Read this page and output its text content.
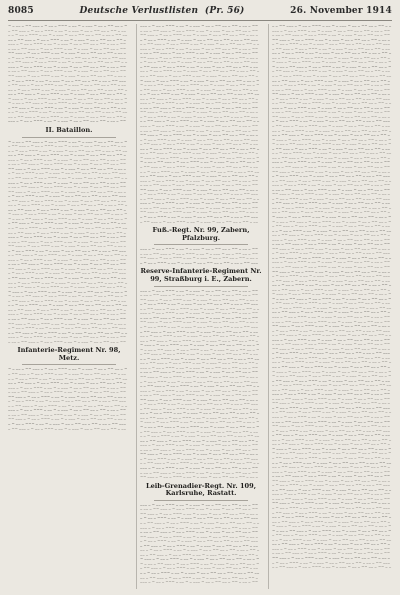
8085	Deutsche Verlustlisten (Pr. 56)	26. November 1914
− ‒ ‒‒ ‒ −− ‒‒‒ ‒ − ‒‒ ‒ −−− ‒ ‒‒ − ‒ ‒‒‒ − ‒‒ ‒ −− ‒‒ ‒ −
‒ −− ‒‒‒ ‒ − ‒‒ ‒ −−− ‒ ‒‒ − ‒ ‒‒‒ − ‒‒ ‒ −− ‒‒ ‒ −− ‒ ‒‒
‒ ‒ − ‒‒ ‒ −−− ‒ ‒‒ − ‒ ‒‒‒ − ‒‒ ‒ −− ‒‒ ‒ −− ‒ ‒‒ ‒ −− ‒‒
‒‒ ‒ −− ‒‒‒ ‒ − ‒‒ ‒ −−− ‒ ‒‒ − ‒ ‒‒‒ − ‒‒ ‒ −− ‒‒ ‒ −− ‒
‒‒‒ ‒ − ‒‒ ‒ −−− ‒ ‒‒ − ‒ ‒‒‒ − ‒‒ ‒ −− ‒‒ ‒ −− ‒ ‒‒ ‒ −−
‒ ‒‒ ‒ −− ‒‒‒ ‒ − ‒‒ ‒ −−− ‒ ‒‒ − ‒ ‒‒‒ − ‒‒ ‒ −− ‒‒ ‒ −−
−− ‒‒‒ ‒ − ‒‒ ‒ −−− ‒ ‒‒ − ‒ ‒‒‒ − ‒‒ ‒ −− ‒‒ ‒ −− ‒ ‒‒ ‒
‒ − ‒‒ ‒ −−− ‒ ‒‒ − ‒ ‒‒‒ − ‒‒ ‒ −− ‒‒ ‒ −− ‒ ‒‒ ‒ −− ‒‒‒
‒ ‒ −− ‒‒‒ ‒ − ‒‒ ‒ −−− ‒ ‒‒ − ‒ ‒‒‒ − ‒‒ ‒ −− ‒‒ ‒ −− ‒ ‒
‒‒‒ ‒ − ‒‒ ‒ −−− ‒ ‒‒ − ‒ ‒‒‒ − ‒‒ ‒ −− ‒‒ ‒ −− ‒ ‒‒ ‒ −−
‒ ‒‒ ‒ −− ‒‒‒ ‒ − ‒‒ ‒ −−− ‒ ‒‒ − ‒ ‒‒‒ − ‒‒ ‒ −− ‒‒ ‒ −−
−− ‒‒‒ ‒ − ‒‒ ‒ −−− ‒ ‒‒ − ‒ ‒‒‒ − ‒‒ ‒ −− ‒‒ ‒ −− ‒ ‒‒ ‒
‒ − ‒‒ ‒ −−− ‒ ‒‒ − ‒ ‒‒‒ − ‒‒ ‒ −− ‒‒ ‒ −− ‒ ‒‒ ‒ −− ‒‒‒
‒ −− ‒‒‒ ‒ − ‒‒ ‒ −−− ‒ ‒‒ − ‒ ‒‒‒ − ‒‒ ‒ −− ‒‒ ‒ −− ‒ ‒‒
‒‒ ‒ − ‒‒ ‒ −−− ‒ ‒‒ − ‒ ‒‒‒ − ‒‒ ‒ −− ‒‒ ‒ −− ‒ ‒‒ ‒ −− ‒
‒‒ ‒ −− ‒‒‒ ‒ − ‒‒ ‒ −−− ‒ ‒‒ − ‒ ‒‒‒ − ‒‒ ‒ −− ‒‒ ‒ −− ‒
− ‒‒‒ ‒ − ‒‒ ‒ −−− ‒ ‒‒ − ‒ ‒‒‒ − ‒‒ ‒ −− ‒‒ ‒ −− ‒ ‒‒ ‒ −
− ‒ ‒‒ ‒ −− ‒‒‒ ‒ − ‒‒ ‒ −−− ‒ ‒‒ − ‒ ‒‒‒ − ‒‒ ‒ −− ‒‒ ‒ −
‒ −− ‒‒‒ ‒ − ‒‒ ‒ −−− ‒ ‒‒ − ‒ ‒‒‒ − ‒‒ ‒ −− ‒‒ ‒ −− ‒ ‒‒
‒ ‒ − ‒‒ ‒ −−− ‒ ‒‒ − ‒ ‒‒‒ − ‒‒ ‒ −− ‒‒ ‒ −− ‒ ‒‒ ‒ −− ‒‒
‒‒ ‒ −− ‒‒‒ ‒ − ‒‒ ‒ −−− ‒ ‒‒ − ‒ ‒‒‒ − ‒‒ ‒ −− ‒‒ ‒ −− ‒
‒‒‒ ‒ − ‒‒ ‒ −−− ‒ ‒‒ − ‒ ‒‒‒ − ‒‒ ‒ −− ‒‒ ‒ −− ‒ ‒‒ ‒ −−
II. Bataillon.
− ‒ ‒‒ ‒ −− ‒‒‒ ‒ − ‒‒ ‒ −−− ‒ ‒‒ − ‒ ‒‒‒ − ‒‒ ‒ −− ‒‒ ‒ −
‒ −− ‒‒‒ ‒ − ‒‒ ‒ −−− ‒ ‒‒ − ‒ ‒‒‒ − ‒‒ ‒ −− ‒‒ ‒ −− ‒ ‒‒
‒ ‒ − ‒‒ ‒ −−− ‒ ‒‒ − ‒ ‒‒‒ − ‒‒ ‒ −− ‒‒ ‒ −− ‒ ‒‒ ‒ −− ‒‒
‒‒ ‒ −− ‒‒‒ ‒ − ‒‒ ‒ −−− ‒ ‒‒ − ‒ ‒‒‒ − ‒‒ ‒ −− ‒‒ ‒ −− ‒
‒‒‒ ‒ − ‒‒ ‒ −−− ‒ ‒‒ − ‒ ‒‒‒ − ‒‒ ‒ −− ‒‒ ‒ −− ‒ ‒‒ ‒ −−
‒ ‒‒ ‒ −− ‒‒‒ ‒ − ‒‒ ‒ −−− ‒ ‒‒ − ‒ ‒‒‒ − ‒‒ ‒ −− ‒‒ ‒ −−
−− ‒‒‒ ‒ − ‒‒ ‒ −−− ‒ ‒‒ − ‒ ‒‒‒ − ‒‒ ‒ −− ‒‒ ‒ −− ‒ ‒‒ ‒
‒ − ‒‒ ‒ −−− ‒ ‒‒ − ‒ ‒‒‒ − ‒‒ ‒ −− ‒‒ ‒ −− ‒ ‒‒ ‒ −− ‒‒‒
‒ ‒ −− ‒‒‒ ‒ − ‒‒ ‒ −−− ‒ ‒‒ − ‒ ‒‒‒ − ‒‒ ‒ −− ‒‒ ‒ −− ‒ ‒
‒‒‒ ‒ − ‒‒ ‒ −−− ‒ ‒‒ − ‒ ‒‒‒ − ‒‒ ‒ −− ‒‒ ‒ −− ‒ ‒‒ ‒ −−
‒ ‒‒ ‒ −− ‒‒‒ ‒ − ‒‒ ‒ −−− ‒ ‒‒ − ‒ ‒‒‒ − ‒‒ ‒ −− ‒‒ ‒ −−
−− ‒‒‒ ‒ − ‒‒ ‒ −−− ‒ ‒‒ − ‒ ‒‒‒ − ‒‒ ‒ −− ‒‒ ‒ −− ‒ ‒‒ ‒
‒ − ‒‒ ‒ −−− ‒ ‒‒ − ‒ ‒‒‒ − ‒‒ ‒ −− ‒‒ ‒ −− ‒ ‒‒ ‒ −− ‒‒‒
‒ −− ‒‒‒ ‒ − ‒‒ ‒ −−− ‒ ‒‒ − ‒ ‒‒‒ − ‒‒ ‒ −− ‒‒ ‒ −− ‒ ‒‒
‒‒ ‒ − ‒‒ ‒ −−− ‒ ‒‒ − ‒ ‒‒‒ − ‒‒ ‒ −− ‒‒ ‒ −− ‒ ‒‒ ‒ −− ‒
‒‒ ‒ −− ‒‒‒ ‒ − ‒‒ ‒ −−− ‒ ‒‒ − ‒ ‒‒‒ − ‒‒ ‒ −− ‒‒ ‒ −− ‒
− ‒‒‒ ‒ − ‒‒ ‒ −−− ‒ ‒‒ − ‒ ‒‒‒ − ‒‒ ‒ −− ‒‒ ‒ −− ‒ ‒‒ ‒ −
− ‒ ‒‒ ‒ −− ‒‒‒ ‒ − ‒‒ ‒ −−− ‒ ‒‒ − ‒ ‒‒‒ − ‒‒ ‒ −− ‒‒ ‒ −
‒ −− ‒‒‒ ‒ − ‒‒ ‒ −−− ‒ ‒‒ − ‒ ‒‒‒ − ‒‒ ‒ −− ‒‒ ‒ −− ‒ ‒‒
‒ ‒ − ‒‒ ‒ −−− ‒ ‒‒ − ‒ ‒‒‒ − ‒‒ ‒ −− ‒‒ ‒ −− ‒ ‒‒ ‒ −− ‒‒
‒‒ ‒ −− ‒‒‒ ‒ − ‒‒ ‒ −−− ‒ ‒‒ − ‒ ‒‒‒ − ‒‒ ‒ −− ‒‒ ‒ −− ‒
‒‒‒ ‒ − ‒‒ ‒ −−− ‒ ‒‒ − ‒ ‒‒‒ − ‒‒ ‒ −− ‒‒ ‒ −− ‒ ‒‒ ‒ −−
‒ ‒‒ ‒ −− ‒‒‒ ‒ − ‒‒ ‒ −−− ‒ ‒‒ − ‒ ‒‒‒ − ‒‒ ‒ −− ‒‒ ‒ −−
−− ‒‒‒ ‒ − ‒‒ ‒ −−− ‒ ‒‒ − ‒ ‒‒‒ − ‒‒ ‒ −− ‒‒ ‒ −− ‒ ‒‒ ‒
‒ − ‒‒ ‒ −−− ‒ ‒‒ − ‒ ‒‒‒ − ‒‒ ‒ −− ‒‒ ‒ −− ‒ ‒‒ ‒ −− ‒‒‒
‒ ‒ −− ‒‒‒ ‒ − ‒‒ ‒ −−− ‒ ‒‒ − ‒ ‒‒‒ − ‒‒ ‒ −− ‒‒ ‒ −− ‒ ‒
‒‒‒ ‒ − ‒‒ ‒ −−− ‒ ‒‒ − ‒ ‒‒‒ − ‒‒ ‒ −− ‒‒ ‒ −− ‒ ‒‒ ‒ −−
‒ ‒‒ ‒ −− ‒‒‒ ‒ − ‒‒ ‒ −−− ‒ ‒‒ − ‒ ‒‒‒ − ‒‒ ‒ −− ‒‒ ‒ −−
−− ‒‒‒ ‒ − ‒‒ ‒ −−− ‒ ‒‒ − ‒ ‒‒‒ − ‒‒ ‒ −− ‒‒ ‒ −− ‒ ‒‒ ‒
‒ − ‒‒ ‒ −−− ‒ ‒‒ − ‒ ‒‒‒ − ‒‒ ‒ −− ‒‒ ‒ −− ‒ ‒‒ ‒ −− ‒‒‒
‒ −− ‒‒‒ ‒ − ‒‒ ‒ −−− ‒ ‒‒ − ‒ ‒‒‒ − ‒‒ ‒ −− ‒‒ ‒ −− ‒ ‒‒
‒‒ ‒ − ‒‒ ‒ −−− ‒ ‒‒ − ‒ ‒‒‒ − ‒‒ ‒ −− ‒‒ ‒ −− ‒ ‒‒ ‒ −− ‒
‒‒ ‒ −− ‒‒‒ ‒ − ‒‒ ‒ −−− ‒ ‒‒ − ‒ ‒‒‒ − ‒‒ ‒ −− ‒‒ ‒ −− ‒
− ‒‒‒ ‒ − ‒‒ ‒ −−− ‒ ‒‒ − ‒ ‒‒‒ − ‒‒ ‒ −− ‒‒ ‒ −− ‒ ‒‒ ‒ −
− ‒ ‒‒ ‒ −− ‒‒‒ ‒ − ‒‒ ‒ −−− ‒ ‒‒ − ‒ ‒‒‒ − ‒‒ ‒ −− ‒‒ ‒ −
‒ −− ‒‒‒ ‒ − ‒‒ ‒ −−− ‒ ‒‒ − ‒ ‒‒‒ − ‒‒ ‒ −− ‒‒ ‒ −− ‒ ‒‒
‒ ‒ − ‒‒ ‒ −−− ‒ ‒‒ − ‒ ‒‒‒ − ‒‒ ‒ −− ‒‒ ‒ −− ‒ ‒‒ ‒ −− ‒‒
‒‒ ‒ −− ‒‒‒ ‒ − ‒‒ ‒ −−− ‒ ‒‒ − ‒ ‒‒‒ − ‒‒ ‒ −− ‒‒ ‒ −− ‒
‒‒‒ ‒ − ‒‒ ‒ −−− ‒ ‒‒ − ‒ ‒‒‒ − ‒‒ ‒ −− ‒‒ ‒ −− ‒ ‒‒ ‒ −−
‒ ‒‒ ‒ −− ‒‒‒ ‒ − ‒‒ ‒ −−− ‒ ‒‒ − ‒ ‒‒‒ − ‒‒ ‒ −− ‒‒ ‒ −−
−− ‒‒‒ ‒ − ‒‒ ‒ −−− ‒ ‒‒ − ‒ ‒‒‒ − ‒‒ ‒ −− ‒‒ ‒ −− ‒ ‒‒ ‒
‒ − ‒‒ ‒ −−− ‒ ‒‒ − ‒ ‒‒‒ − ‒‒ ‒ −− ‒‒ ‒ −− ‒ ‒‒ ‒ −− ‒‒‒
‒ ‒ −− ‒‒‒ ‒ − ‒‒ ‒ −−− ‒ ‒‒ − ‒ ‒‒‒ − ‒‒ ‒ −− ‒‒ ‒ −− ‒ ‒
‒‒‒ ‒ − ‒‒ ‒ −−− ‒ ‒‒ − ‒ ‒‒‒ − ‒‒ ‒ −− ‒‒ ‒ −− ‒ ‒‒ ‒ −−
‒ ‒‒ ‒ −− ‒‒‒ ‒ − ‒‒ ‒ −−− ‒ ‒‒ − ‒ ‒‒‒ − ‒‒ ‒ −− ‒‒ ‒ −−
Infanterie-Regiment Nr. 98, Metz.
− ‒ ‒‒ ‒ −− ‒‒‒ ‒ − ‒‒ ‒ −−− ‒ ‒‒ − ‒ ‒‒‒ − ‒‒ ‒ −− ‒‒ ‒ −
‒ −− ‒‒‒ ‒ − ‒‒ ‒ −−− ‒ ‒‒ − ‒ ‒‒‒ − ‒‒ ‒ −− ‒‒ ‒ −− ‒ ‒‒
‒ ‒ − ‒‒ ‒ −−− ‒ ‒‒ − ‒ ‒‒‒ − ‒‒ ‒ −− ‒‒ ‒ −− ‒ ‒‒ ‒ −− ‒‒
‒‒ ‒ −− ‒‒‒ ‒ − ‒‒ ‒ −−− ‒ ‒‒ − ‒ ‒‒‒ − ‒‒ ‒ −− ‒‒ ‒ −− ‒
‒‒‒ ‒ − ‒‒ ‒ −−− ‒ ‒‒ − ‒ ‒‒‒ − ‒‒ ‒ −− ‒‒ ‒ −− ‒ ‒‒ ‒ −−
‒ ‒‒ ‒ −− ‒‒‒ ‒ − ‒‒ ‒ −−− ‒ ‒‒ − ‒ ‒‒‒ − ‒‒ ‒ −− ‒‒ ‒ −−
−− ‒‒‒ ‒ − ‒‒ ‒ −−− ‒ ‒‒ − ‒ ‒‒‒ − ‒‒ ‒ −− ‒‒ ‒ −− ‒ ‒‒ ‒
‒ − ‒‒ ‒ −−− ‒ ‒‒ − ‒ ‒‒‒ − ‒‒ ‒ −− ‒‒ ‒ −− ‒ ‒‒ ‒ −− ‒‒‒
‒ ‒ −− ‒‒‒ ‒ − ‒‒ ‒ −−− ‒ ‒‒ − ‒ ‒‒‒ − ‒‒ ‒ −− ‒‒ ‒ −− ‒ ‒
‒‒‒ ‒ − ‒‒ ‒ −−− ‒ ‒‒ − ‒ ‒‒‒ − ‒‒ ‒ −− ‒‒ ‒ −− ‒ ‒‒ ‒ −−
‒ ‒‒ ‒ −− ‒‒‒ ‒ − ‒‒ ‒ −−− ‒ ‒‒ − ‒ ‒‒‒ − ‒‒ ‒ −− ‒‒ ‒ −−
−− ‒‒‒ ‒ − ‒‒ ‒ −−− ‒ ‒‒ − ‒ ‒‒‒ − ‒‒ ‒ −− ‒‒ ‒ −− ‒ ‒‒ ‒
‒ − ‒‒ ‒ −−− ‒ ‒‒ − ‒ ‒‒‒ − ‒‒ ‒ −− ‒‒ ‒ −− ‒ ‒‒ ‒ −− ‒‒‒
‒ −− ‒‒‒ ‒ − ‒‒ ‒ −−− ‒ ‒‒ − ‒ ‒‒‒ − ‒‒ ‒ −− ‒‒ ‒ −− ‒ ‒‒
‒‒‒ ‒ − ‒‒ ‒ −−− ‒ ‒‒ − ‒ ‒‒‒ − ‒‒ ‒ −− ‒‒ ‒ −− ‒ ‒‒ ‒ −−
‒ ‒‒ ‒ −− ‒‒‒ ‒ − ‒‒ ‒ −−− ‒ ‒‒ − ‒ ‒‒‒ − ‒‒ ‒ −− ‒‒ ‒ −−
−− ‒‒‒ ‒ − ‒‒ ‒ −−− ‒ ‒‒ − ‒ ‒‒‒ − ‒‒ ‒ −− ‒‒ ‒ −− ‒ ‒‒ ‒
‒ − ‒‒ ‒ −−− ‒ ‒‒ − ‒ ‒‒‒ − ‒‒ ‒ −− ‒‒ ‒ −− ‒ ‒‒ ‒ −− ‒‒‒
‒ ‒ −− ‒‒‒ ‒ − ‒‒ ‒ −−− ‒ ‒‒ − ‒ ‒‒‒ − ‒‒ ‒ −− ‒‒ ‒ −− ‒ ‒
‒‒‒ ‒ − ‒‒ ‒ −−− ‒ ‒‒ − ‒ ‒‒‒ − ‒‒ ‒ −− ‒‒ ‒ −− ‒ ‒‒ ‒ −−
‒ ‒‒ ‒ −− ‒‒‒ ‒ − ‒‒ ‒ −−− ‒ ‒‒ − ‒ ‒‒‒ − ‒‒ ‒ −− ‒‒ ‒ −−
−− ‒‒‒ ‒ − ‒‒ ‒ −−− ‒ ‒‒ − ‒ ‒‒‒ − ‒‒ ‒ −− ‒‒ ‒ −− ‒ ‒‒ ‒
‒ − ‒‒ ‒ −−− ‒ ‒‒ − ‒ ‒‒‒ − ‒‒ ‒ −− ‒‒ ‒ −− ‒ ‒‒ ‒ −− ‒‒‒
‒ −− ‒‒‒ ‒ − ‒‒ ‒ −−− ‒ ‒‒ − ‒ ‒‒‒ − ‒‒ ‒ −− ‒‒ ‒ −− ‒ ‒‒
‒‒ ‒ − ‒‒ ‒ −−− ‒ ‒‒ − ‒ ‒‒‒ − ‒‒ ‒ −− ‒‒ ‒ −− ‒ ‒‒ ‒ −− ‒
‒‒ ‒ −− ‒‒‒ ‒ − ‒‒ ‒ −−− ‒ ‒‒ − ‒ ‒‒‒ − ‒‒ ‒ −− ‒‒ ‒ −− ‒
− ‒‒‒ ‒ − ‒‒ ‒ −−− ‒ ‒‒ − ‒ ‒‒‒ − ‒‒ ‒ −− ‒‒ ‒ −− ‒ ‒‒ ‒ −
− ‒ ‒‒ ‒ −− ‒‒‒ ‒ − ‒‒ ‒ −−− ‒ ‒‒ − ‒ ‒‒‒ − ‒‒ ‒ −− ‒‒ ‒ −
‒ −− ‒‒‒ ‒ − ‒‒ ‒ −−− ‒ ‒‒ − ‒ ‒‒‒ − ‒‒ ‒ −− ‒‒ ‒ −− ‒ ‒‒
‒ ‒ − ‒‒ ‒ −−− ‒ ‒‒ − ‒ ‒‒‒ − ‒‒ ‒ −− ‒‒ ‒ −− ‒ ‒‒ ‒ −− ‒‒
‒‒ ‒ −− ‒‒‒ ‒ − ‒‒ ‒ −−− ‒ ‒‒ − ‒ ‒‒‒ − ‒‒ ‒ −− ‒‒ ‒ −− ‒
‒‒‒ ‒ − ‒‒ ‒ −−− ‒ ‒‒ − ‒ ‒‒‒ − ‒‒ ‒ −− ‒‒ ‒ −− ‒ ‒‒ ‒ −−
‒ ‒‒ ‒ −− ‒‒‒ ‒ − ‒‒ ‒ −−− ‒ ‒‒ − ‒ ‒‒‒ − ‒‒ ‒ −− ‒‒ ‒ −−
−− ‒‒‒ ‒ − ‒‒ ‒ −−− ‒ ‒‒ − ‒ ‒‒‒ − ‒‒ ‒ −− ‒‒ ‒ −− ‒ ‒‒ ‒
‒ − ‒‒ ‒ −−− ‒ ‒‒ − ‒ ‒‒‒ − ‒‒ ‒ −− ‒‒ ‒ −− ‒ ‒‒ ‒ −− ‒‒‒
‒ ‒ −− ‒‒‒ ‒ − ‒‒ ‒ −−− ‒ ‒‒ − ‒ ‒‒‒ − ‒‒ ‒ −− ‒‒ ‒ −− ‒ ‒
‒‒‒ ‒ − ‒‒ ‒ −−− ‒ ‒‒ − ‒ ‒‒‒ − ‒‒ ‒ −− ‒‒ ‒ −− ‒ ‒‒ ‒ −−
‒ ‒‒ ‒ −− ‒‒‒ ‒ − ‒‒ ‒ −−− ‒ ‒‒ − ‒ ‒‒‒ − ‒‒ ‒ −− ‒‒ ‒ −−
−− ‒‒‒ ‒ − ‒‒ ‒ −−− ‒ ‒‒ − ‒ ‒‒‒ − ‒‒ ‒ −− ‒‒ ‒ −− ‒ ‒‒ ‒
‒ − ‒‒ ‒ −−− ‒ ‒‒ − ‒ ‒‒‒ − ‒‒ ‒ −− ‒‒ ‒ −− ‒ ‒‒ ‒ −− ‒‒‒
‒ −− ‒‒‒ ‒ − ‒‒ ‒ −−− ‒ ‒‒ − ‒ ‒‒‒ − ‒‒ ‒ −− ‒‒ ‒ −− ‒ ‒‒
‒‒ ‒ − ‒‒ ‒ −−− ‒ ‒‒ − ‒ ‒‒‒ − ‒‒ ‒ −− ‒‒ ‒ −− ‒ ‒‒ ‒ −− ‒
‒‒ ‒ −− ‒‒‒ ‒ − ‒‒ ‒ −−− ‒ ‒‒ − ‒ ‒‒‒ − ‒‒ ‒ −− ‒‒ ‒ −− ‒
− ‒‒‒ ‒ − ‒‒ ‒ −−− ‒ ‒‒ − ‒ ‒‒‒ − ‒‒ ‒ −− ‒‒ ‒ −− ‒ ‒‒ ‒ −
− ‒ ‒‒ ‒ −− ‒‒‒ ‒ − ‒‒ ‒ −−− ‒ ‒‒ − ‒ ‒‒‒ − ‒‒ ‒ −− ‒‒ ‒ −
‒ −− ‒‒‒ ‒ − ‒‒ ‒ −−− ‒ ‒‒ − ‒ ‒‒‒ − ‒‒ ‒ −− ‒‒ ‒ −− ‒ ‒‒
‒ ‒ − ‒‒ ‒ −−− ‒ ‒‒ − ‒ ‒‒‒ − ‒‒ ‒ −− ‒‒ ‒ −− ‒ ‒‒ ‒ −− ‒‒
‒‒ ‒ −− ‒‒‒ ‒ − ‒‒ ‒ −−− ‒ ‒‒ − ‒ ‒‒‒ − ‒‒ ‒ −− ‒‒ ‒ −− ‒
‒‒‒ ‒ − ‒‒ ‒ −−− ‒ ‒‒ − ‒ ‒‒‒ − ‒‒ ‒ −− ‒‒ ‒ −− ‒ ‒‒ ‒ −−
‒ ‒‒ ‒ −− ‒‒‒ ‒ − ‒‒ ‒ −−− ‒ ‒‒ − ‒ ‒‒‒ − ‒‒ ‒ −− ‒‒ ‒ −−
−− ‒‒‒ ‒ − ‒‒ ‒ −−− ‒ ‒‒ − ‒ ‒‒‒ − ‒‒ ‒ −− ‒‒ ‒ −− ‒ ‒‒ ‒
‒ − ‒‒ ‒ −−− ‒ ‒‒ − ‒ ‒‒‒ − ‒‒ ‒ −− ‒‒ ‒ −− ‒ ‒‒ ‒ −− ‒‒‒
‒ ‒ −− ‒‒‒ ‒ − ‒‒ ‒ −−− ‒ ‒‒ − ‒ ‒‒‒ − ‒‒ ‒ −− ‒‒ ‒ −− ‒ ‒
‒‒‒ ‒ − ‒‒ ‒ −−− ‒ ‒‒ − ‒ ‒‒‒ − ‒‒ ‒ −− ‒‒ ‒ −− ‒ ‒‒ ‒ −−
‒ ‒‒ ‒ −− ‒‒‒ ‒ − ‒‒ ‒ −−− ‒ ‒‒ − ‒ ‒‒‒ − ‒‒ ‒ −− ‒‒ ‒ −−
−− ‒‒‒ ‒ − ‒‒ ‒ −−− ‒ ‒‒ − ‒ ‒‒‒ − ‒‒ ‒ −− ‒‒ ‒ −− ‒ ‒‒ ‒
‒ − ‒‒ ‒ −−− ‒ ‒‒ − ‒ ‒‒‒ − ‒‒ ‒ −− ‒‒ ‒ −− ‒ ‒‒ ‒ −− ‒‒‒
‒ −− ‒‒‒ ‒ − ‒‒ ‒ −−− ‒ ‒‒ − ‒ ‒‒‒ − ‒‒ ‒ −− ‒‒ ‒ −− ‒ ‒‒
Fuß.-Regt. Nr. 99, Zabern, Pfalzburg.
‒‒‒ ‒ − ‒‒ ‒ −−− ‒ ‒‒ − ‒ ‒‒‒ − ‒‒ ‒ −− ‒‒ ‒ −− ‒ ‒‒ ‒ −−
‒ ‒‒ ‒ −− ‒‒‒ ‒ − ‒‒ ‒ −−− ‒ ‒‒ − ‒ ‒‒‒ − ‒‒ ‒ −− ‒‒ ‒ −−
−− ‒‒‒ ‒ − ‒‒ ‒ −−− ‒ ‒‒ − ‒ ‒‒‒ − ‒‒ ‒ −− ‒‒ ‒ −− ‒ ‒‒ ‒
‒ − ‒‒ ‒ −−− ‒ ‒‒ − ‒ ‒‒‒ − ‒‒ ‒ −− ‒‒ ‒ −− ‒ ‒‒ ‒ −− ‒‒‒
Reserve-Infanterie-Regiment Nr. 99, Straßburg i. E., Zabern.
‒‒‒ ‒ − ‒‒ ‒ −−− ‒ ‒‒ − ‒ ‒‒‒ − ‒‒ ‒ −− ‒‒ ‒ −− ‒ ‒‒ ‒ −−
‒ ‒‒ ‒ −− ‒‒‒ ‒ − ‒‒ ‒ −−− ‒ ‒‒ − ‒ ‒‒‒ − ‒‒ ‒ −− ‒‒ ‒ −−
−− ‒‒‒ ‒ − ‒‒ ‒ −−− ‒ ‒‒ − ‒ ‒‒‒ − ‒‒ ‒ −− ‒‒ ‒ −− ‒ ‒‒ ‒
‒ − ‒‒ ‒ −−− ‒ ‒‒ − ‒ ‒‒‒ − ‒‒ ‒ −− ‒‒ ‒ −− ‒ ‒‒ ‒ −− ‒‒‒
‒ ‒ −− ‒‒‒ ‒ − ‒‒ ‒ −−− ‒ ‒‒ − ‒ ‒‒‒ − ‒‒ ‒ −− ‒‒ ‒ −− ‒ ‒
‒‒‒ ‒ − ‒‒ ‒ −−− ‒ ‒‒ − ‒ ‒‒‒ − ‒‒ ‒ −− ‒‒ ‒ −− ‒ ‒‒ ‒ −−
‒ ‒‒ ‒ −− ‒‒‒ ‒ − ‒‒ ‒ −−− ‒ ‒‒ − ‒ ‒‒‒ − ‒‒ ‒ −− ‒‒ ‒ −−
−− ‒‒‒ ‒ − ‒‒ ‒ −−− ‒ ‒‒ − ‒ ‒‒‒ − ‒‒ ‒ −− ‒‒ ‒ −− ‒ ‒‒ ‒
‒ − ‒‒ ‒ −−− ‒ ‒‒ − ‒ ‒‒‒ − ‒‒ ‒ −− ‒‒ ‒ −− ‒ ‒‒ ‒ −− ‒‒‒
‒ −− ‒‒‒ ‒ − ‒‒ ‒ −−− ‒ ‒‒ − ‒ ‒‒‒ − ‒‒ ‒ −− ‒‒ ‒ −− ‒ ‒‒
‒‒ ‒ − ‒‒ ‒ −−− ‒ ‒‒ − ‒ ‒‒‒ − ‒‒ ‒ −− ‒‒ ‒ −− ‒ ‒‒ ‒ −− ‒
‒‒ ‒ −− ‒‒‒ ‒ − ‒‒ ‒ −−− ‒ ‒‒ − ‒ ‒‒‒ − ‒‒ ‒ −− ‒‒ ‒ −− ‒
− ‒‒‒ ‒ − ‒‒ ‒ −−− ‒ ‒‒ − ‒ ‒‒‒ − ‒‒ ‒ −− ‒‒ ‒ −− ‒ ‒‒ ‒ −
− ‒ ‒‒ ‒ −− ‒‒‒ ‒ − ‒‒ ‒ −−− ‒ ‒‒ − ‒ ‒‒‒ − ‒‒ ‒ −− ‒‒ ‒ −
‒ −− ‒‒‒ ‒ − ‒‒ ‒ −−− ‒ ‒‒ − ‒ ‒‒‒ − ‒‒ ‒ −− ‒‒ ‒ −− ‒ ‒‒
‒ ‒ − ‒‒ ‒ −−− ‒ ‒‒ − ‒ ‒‒‒ − ‒‒ ‒ −− ‒‒ ‒ −− ‒ ‒‒ ‒ −− ‒‒
‒‒ ‒ −− ‒‒‒ ‒ − ‒‒ ‒ −−− ‒ ‒‒ − ‒ ‒‒‒ − ‒‒ ‒ −− ‒‒ ‒ −− ‒
‒‒‒ ‒ − ‒‒ ‒ −−− ‒ ‒‒ − ‒ ‒‒‒ − ‒‒ ‒ −− ‒‒ ‒ −− ‒ ‒‒ ‒ −−
‒ ‒‒ ‒ −− ‒‒‒ ‒ − ‒‒ ‒ −−− ‒ ‒‒ − ‒ ‒‒‒ − ‒‒ ‒ −− ‒‒ ‒ −−
−− ‒‒‒ ‒ − ‒‒ ‒ −−− ‒ ‒‒ − ‒ ‒‒‒ − ‒‒ ‒ −− ‒‒ ‒ −− ‒ ‒‒ ‒
‒ − ‒‒ ‒ −−− ‒ ‒‒ − ‒ ‒‒‒ − ‒‒ ‒ −− ‒‒ ‒ −− ‒ ‒‒ ‒ −− ‒‒‒
‒ ‒ −− ‒‒‒ ‒ − ‒‒ ‒ −−− ‒ ‒‒ − ‒ ‒‒‒ − ‒‒ ‒ −− ‒‒ ‒ −− ‒ ‒
‒‒‒ ‒ − ‒‒ ‒ −−− ‒ ‒‒ − ‒ ‒‒‒ − ‒‒ ‒ −− ‒‒ ‒ −− ‒ ‒‒ ‒ −−
‒ ‒‒ ‒ −− ‒‒‒ ‒ − ‒‒ ‒ −−− ‒ ‒‒ − ‒ ‒‒‒ − ‒‒ ‒ −− ‒‒ ‒ −−
−− ‒‒‒ ‒ − ‒‒ ‒ −−− ‒ ‒‒ − ‒ ‒‒‒ − ‒‒ ‒ −− ‒‒ ‒ −− ‒ ‒‒ ‒
‒ − ‒‒ ‒ −−− ‒ ‒‒ − ‒ ‒‒‒ − ‒‒ ‒ −− ‒‒ ‒ −− ‒ ‒‒ ‒ −− ‒‒‒
‒ −− ‒‒‒ ‒ − ‒‒ ‒ −−− ‒ ‒‒ − ‒ ‒‒‒ − ‒‒ ‒ −− ‒‒ ‒ −− ‒ ‒‒
‒‒ ‒ − ‒‒ ‒ −−− ‒ ‒‒ − ‒ ‒‒‒ − ‒‒ ‒ −− ‒‒ ‒ −− ‒ ‒‒ ‒ −− ‒
‒‒ ‒ −− ‒‒‒ ‒ − ‒‒ ‒ −−− ‒ ‒‒ − ‒ ‒‒‒ − ‒‒ ‒ −− ‒‒ ‒ −− ‒
− ‒‒‒ ‒ − ‒‒ ‒ −−− ‒ ‒‒ − ‒ ‒‒‒ − ‒‒ ‒ −− ‒‒ ‒ −− ‒ ‒‒ ‒ −
− ‒ ‒‒ ‒ −− ‒‒‒ ‒ − ‒‒ ‒ −−− ‒ ‒‒ − ‒ ‒‒‒ − ‒‒ ‒ −− ‒‒ ‒ −
‒ −− ‒‒‒ ‒ − ‒‒ ‒ −−− ‒ ‒‒ − ‒ ‒‒‒ − ‒‒ ‒ −− ‒‒ ‒ −− ‒ ‒‒
‒ ‒ − ‒‒ ‒ −−− ‒ ‒‒ − ‒ ‒‒‒ − ‒‒ ‒ −− ‒‒ ‒ −− ‒ ‒‒ ‒ −− ‒‒
‒‒ ‒ −− ‒‒‒ ‒ − ‒‒ ‒ −−− ‒ ‒‒ − ‒ ‒‒‒ − ‒‒ ‒ −− ‒‒ ‒ −− ‒
‒‒‒ ‒ − ‒‒ ‒ −−− ‒ ‒‒ − ‒ ‒‒‒ − ‒‒ ‒ −− ‒‒ ‒ −− ‒ ‒‒ ‒ −−
‒ ‒‒ ‒ −− ‒‒‒ ‒ − ‒‒ ‒ −−− ‒ ‒‒ − ‒ ‒‒‒ − ‒‒ ‒ −− ‒‒ ‒ −−
−− ‒‒‒ ‒ − ‒‒ ‒ −−− ‒ ‒‒ − ‒ ‒‒‒ − ‒‒ ‒ −− ‒‒ ‒ −− ‒ ‒‒ ‒
‒ − ‒‒ ‒ −−− ‒ ‒‒ − ‒ ‒‒‒ − ‒‒ ‒ −− ‒‒ ‒ −− ‒ ‒‒ ‒ −− ‒‒‒
‒ ‒ −− ‒‒‒ ‒ − ‒‒ ‒ −−− ‒ ‒‒ − ‒ ‒‒‒ − ‒‒ ‒ −− ‒‒ ‒ −− ‒ ‒
‒‒‒ ‒ − ‒‒ ‒ −−− ‒ ‒‒ − ‒ ‒‒‒ − ‒‒ ‒ −− ‒‒ ‒ −− ‒ ‒‒ ‒ −−
‒ ‒‒ ‒ −− ‒‒‒ ‒ − ‒‒ ‒ −−− ‒ ‒‒ − ‒ ‒‒‒ − ‒‒ ‒ −− ‒‒ ‒ −−
−− ‒‒‒ ‒ − ‒‒ ‒ −−− ‒ ‒‒ − ‒ ‒‒‒ − ‒‒ ‒ −− ‒‒ ‒ −− ‒ ‒‒ ‒
Leib-Grenadier-Regt. Nr. 109, Karlsruhe, Rastatt.
‒‒‒ ‒ − ‒‒ ‒ −−− ‒ ‒‒ − ‒ ‒‒‒ − ‒‒ ‒ −− ‒‒ ‒ −− ‒ ‒‒ ‒ −−
‒ ‒‒ ‒ −− ‒‒‒ ‒ − ‒‒ ‒ −−− ‒ ‒‒ − ‒ ‒‒‒ − ‒‒ ‒ −− ‒‒ ‒ −−
−− ‒‒‒ ‒ − ‒‒ ‒ −−− ‒ ‒‒ − ‒ ‒‒‒ − ‒‒ ‒ −− ‒‒ ‒ −− ‒ ‒‒ ‒
‒ − ‒‒ ‒ −−− ‒ ‒‒ − ‒ ‒‒‒ − ‒‒ ‒ −− ‒‒ ‒ −− ‒ ‒‒ ‒ −− ‒‒‒
‒ ‒ −− ‒‒‒ ‒ − ‒‒ ‒ −−− ‒ ‒‒ − ‒ ‒‒‒ − ‒‒ ‒ −− ‒‒ ‒ −− ‒ ‒
‒‒‒ ‒ − ‒‒ ‒ −−− ‒ ‒‒ − ‒ ‒‒‒ − ‒‒ ‒ −− ‒‒ ‒ −− ‒ ‒‒ ‒ −−
‒ ‒‒ ‒ −− ‒‒‒ ‒ − ‒‒ ‒ −−− ‒ ‒‒ − ‒ ‒‒‒ − ‒‒ ‒ −− ‒‒ ‒ −−
−− ‒‒‒ ‒ − ‒‒ ‒ −−− ‒ ‒‒ − ‒ ‒‒‒ − ‒‒ ‒ −− ‒‒ ‒ −− ‒ ‒‒ ‒
‒ − ‒‒ ‒ −−− ‒ ‒‒ − ‒ ‒‒‒ − ‒‒ ‒ −− ‒‒ ‒ −− ‒ ‒‒ ‒ −− ‒‒‒
‒ −− ‒‒‒ ‒ − ‒‒ ‒ −−− ‒ ‒‒ − ‒ ‒‒‒ − ‒‒ ‒ −− ‒‒ ‒ −− ‒ ‒‒
‒‒ ‒ − ‒‒ ‒ −−− ‒ ‒‒ − ‒ ‒‒‒ − ‒‒ ‒ −− ‒‒ ‒ −− ‒ ‒‒ ‒ −− ‒
‒‒ ‒ −− ‒‒‒ ‒ − ‒‒ ‒ −−− ‒ ‒‒ − ‒ ‒‒‒ − ‒‒ ‒ −− ‒‒ ‒ −− ‒
− ‒‒‒ ‒ − ‒‒ ‒ −−− ‒ ‒‒ − ‒ ‒‒‒ − ‒‒ ‒ −− ‒‒ ‒ −− ‒ ‒‒ ‒ −
− ‒ ‒‒ ‒ −− ‒‒‒ ‒ − ‒‒ ‒ −−− ‒ ‒‒ − ‒ ‒‒‒ − ‒‒ ‒ −− ‒‒ ‒ −
‒ −− ‒‒‒ ‒ − ‒‒ ‒ −−− ‒ ‒‒ − ‒ ‒‒‒ − ‒‒ ‒ −− ‒‒ ‒ −− ‒ ‒‒
‒ ‒ − ‒‒ ‒ −−− ‒ ‒‒ − ‒ ‒‒‒ − ‒‒ ‒ −− ‒‒ ‒ −− ‒ ‒‒ ‒ −− ‒‒
‒‒ ‒ −− ‒‒‒ ‒ − ‒‒ ‒ −−− ‒ ‒‒ − ‒ ‒‒‒ − ‒‒ ‒ −− ‒‒ ‒ −− ‒
‒‒‒ ‒ − ‒‒ ‒ −−− ‒ ‒‒ − ‒ ‒‒‒ − ‒‒ ‒ −− ‒‒ ‒ −− ‒ ‒‒ ‒ −−
‒ ‒ −− ‒‒‒ ‒ − ‒‒ ‒ −−− ‒ ‒‒ − ‒ ‒‒‒ − ‒‒ ‒ −− ‒‒ ‒ −− ‒ ‒
‒‒‒ ‒ − ‒‒ ‒ −−− ‒ ‒‒ − ‒ ‒‒‒ − ‒‒ ‒ −− ‒‒ ‒ −− ‒ ‒‒ ‒ −−
‒ ‒‒ ‒ −− ‒‒‒ ‒ − ‒‒ ‒ −−− ‒ ‒‒ − ‒ ‒‒‒ − ‒‒ ‒ −− ‒‒ ‒ −−
−− ‒‒‒ ‒ − ‒‒ ‒ −−− ‒ ‒‒ − ‒ ‒‒‒ − ‒‒ ‒ −− ‒‒ ‒ −− ‒ ‒‒ ‒
‒ − ‒‒ ‒ −−− ‒ ‒‒ − ‒ ‒‒‒ − ‒‒ ‒ −− ‒‒ ‒ −− ‒ ‒‒ ‒ −− ‒‒‒
‒ −− ‒‒‒ ‒ − ‒‒ ‒ −−− ‒ ‒‒ − ‒ ‒‒‒ − ‒‒ ‒ −− ‒‒ ‒ −− ‒ ‒‒
‒‒ ‒ − ‒‒ ‒ −−− ‒ ‒‒ − ‒ ‒‒‒ − ‒‒ ‒ −− ‒‒ ‒ −− ‒ ‒‒ ‒ −− ‒
‒‒ ‒ −− ‒‒‒ ‒ − ‒‒ ‒ −−− ‒ ‒‒ − ‒ ‒‒‒ − ‒‒ ‒ −− ‒‒ ‒ −− ‒
− ‒‒‒ ‒ − ‒‒ ‒ −−− ‒ ‒‒ − ‒ ‒‒‒ − ‒‒ ‒ −− ‒‒ ‒ −− ‒ ‒‒ ‒ −
− ‒ ‒‒ ‒ −− ‒‒‒ ‒ − ‒‒ ‒ −−− ‒ ‒‒ − ‒ ‒‒‒ − ‒‒ ‒ −− ‒‒ ‒ −
‒ −− ‒‒‒ ‒ − ‒‒ ‒ −−− ‒ ‒‒ − ‒ ‒‒‒ − ‒‒ ‒ −− ‒‒ ‒ −− ‒ ‒‒
‒ ‒ − ‒‒ ‒ −−− ‒ ‒‒ − ‒ ‒‒‒ − ‒‒ ‒ −− ‒‒ ‒ −− ‒ ‒‒ ‒ −− ‒‒
‒‒ ‒ −− ‒‒‒ ‒ − ‒‒ ‒ −−− ‒ ‒‒ − ‒ ‒‒‒ − ‒‒ ‒ −− ‒‒ ‒ −− ‒
‒‒‒ ‒ − ‒‒ ‒ −−− ‒ ‒‒ − ‒ ‒‒‒ − ‒‒ ‒ −− ‒‒ ‒ −− ‒ ‒‒ ‒ −−
‒ ‒‒ ‒ −− ‒‒‒ ‒ − ‒‒ ‒ −−− ‒ ‒‒ − ‒ ‒‒‒ − ‒‒ ‒ −− ‒‒ ‒ −−
−− ‒‒‒ ‒ − ‒‒ ‒ −−− ‒ ‒‒ − ‒ ‒‒‒ − ‒‒ ‒ −− ‒‒ ‒ −− ‒ ‒‒ ‒
‒ − ‒‒ ‒ −−− ‒ ‒‒ − ‒ ‒‒‒ − ‒‒ ‒ −− ‒‒ ‒ −− ‒ ‒‒ ‒ −− ‒‒‒
‒ ‒ −− ‒‒‒ ‒ − ‒‒ ‒ −−− ‒ ‒‒ − ‒ ‒‒‒ − ‒‒ ‒ −− ‒‒ ‒ −− ‒ ‒
‒‒‒ ‒ − ‒‒ ‒ −−− ‒ ‒‒ − ‒ ‒‒‒ − ‒‒ ‒ −− ‒‒ ‒ −− ‒ ‒‒ ‒ −−
‒ ‒‒ ‒ −− ‒‒‒ ‒ − ‒‒ ‒ −−− ‒ ‒‒ − ‒ ‒‒‒ − ‒‒ ‒ −− ‒‒ ‒ −−
−− ‒‒‒ ‒ − ‒‒ ‒ −−− ‒ ‒‒ − ‒ ‒‒‒ − ‒‒ ‒ −− ‒‒ ‒ −− ‒ ‒‒ ‒
‒ − ‒‒ ‒ −−− ‒ ‒‒ − ‒ ‒‒‒ − ‒‒ ‒ −− ‒‒ ‒ −− ‒ ‒‒ ‒ −− ‒‒‒
‒ −− ‒‒‒ ‒ − ‒‒ ‒ −−− ‒ ‒‒ − ‒ ‒‒‒ − ‒‒ ‒ −− ‒‒ ‒ −− ‒ ‒‒
‒‒ ‒ − ‒‒ ‒ −−− ‒ ‒‒ − ‒ ‒‒‒ − ‒‒ ‒ −− ‒‒ ‒ −− ‒ ‒‒ ‒ −− ‒
‒‒ ‒ −− ‒‒‒ ‒ − ‒‒ ‒ −−− ‒ ‒‒ − ‒ ‒‒‒ − ‒‒ ‒ −− ‒‒ ‒ −− ‒
− ‒‒‒ ‒ − ‒‒ ‒ −−− ‒ ‒‒ − ‒ ‒‒‒ − ‒‒ ‒ −− ‒‒ ‒ −− ‒ ‒‒ ‒ −
− ‒ ‒‒ ‒ −− ‒‒‒ ‒ − ‒‒ ‒ −−− ‒ ‒‒ − ‒ ‒‒‒ − ‒‒ ‒ −− ‒‒ ‒ −
‒ −− ‒‒‒ ‒ − ‒‒ ‒ −−− ‒ ‒‒ − ‒ ‒‒‒ − ‒‒ ‒ −− ‒‒ ‒ −− ‒ ‒‒
‒ ‒ − ‒‒ ‒ −−− ‒ ‒‒ − ‒ ‒‒‒ − ‒‒ ‒ −− ‒‒ ‒ −− ‒ ‒‒ ‒ −− ‒‒
‒‒ ‒ −− ‒‒‒ ‒ − ‒‒ ‒ −−− ‒ ‒‒ − ‒ ‒‒‒ − ‒‒ ‒ −− ‒‒ ‒ −− ‒
‒‒‒ ‒ − ‒‒ ‒ −−− ‒ ‒‒ − ‒ ‒‒‒ − ‒‒ ‒ −− ‒‒ ‒ −− ‒ ‒‒ ‒ −−
‒ ‒‒ ‒ −− ‒‒‒ ‒ − ‒‒ ‒ −−− ‒ ‒‒ − ‒ ‒‒‒ − ‒‒ ‒ −− ‒‒ ‒ −−
−− ‒‒‒ ‒ − ‒‒ ‒ −−− ‒ ‒‒ − ‒ ‒‒‒ − ‒‒ ‒ −− ‒‒ ‒ −− ‒ ‒‒ ‒
‒ − ‒‒ ‒ −−− ‒ ‒‒ − ‒ ‒‒‒ − ‒‒ ‒ −− ‒‒ ‒ −− ‒ ‒‒ ‒ −− ‒‒‒
‒ ‒ −− ‒‒‒ ‒ − ‒‒ ‒ −−− ‒ ‒‒ − ‒ ‒‒‒ − ‒‒ ‒ −− ‒‒ ‒ −− ‒ ‒
‒‒‒ ‒ − ‒‒ ‒ −−− ‒ ‒‒ − ‒ ‒‒‒ − ‒‒ ‒ −− ‒‒ ‒ −− ‒ ‒‒ ‒ −−
‒ ‒‒ ‒ −− ‒‒‒ ‒ − ‒‒ ‒ −−− ‒ ‒‒ − ‒ ‒‒‒ − ‒‒ ‒ −− ‒‒ ‒ −−
−− ‒‒‒ ‒ − ‒‒ ‒ −−− ‒ ‒‒ − ‒ ‒‒‒ − ‒‒ ‒ −− ‒‒ ‒ −− ‒ ‒‒ ‒
‒ − ‒‒ ‒ −−− ‒ ‒‒ − ‒ ‒‒‒ − ‒‒ ‒ −− ‒‒ ‒ −− ‒ ‒‒ ‒ −− ‒‒‒
‒ −− ‒‒‒ ‒ − ‒‒ ‒ −−− ‒ ‒‒ − ‒ ‒‒‒ − ‒‒ ‒ −− ‒‒ ‒ −− ‒ ‒‒
‒‒ ‒ − ‒‒ ‒ −−− ‒ ‒‒ − ‒ ‒‒‒ − ‒‒ ‒ −− ‒‒ ‒ −− ‒ ‒‒ ‒ −− ‒
‒‒ ‒ −− ‒‒‒ ‒ − ‒‒ ‒ −−− ‒ ‒‒ − ‒ ‒‒‒ − ‒‒ ‒ −− ‒‒ ‒ −− ‒
− ‒‒‒ ‒ − ‒‒ ‒ −−− ‒ ‒‒ − ‒ ‒‒‒ − ‒‒ ‒ −− ‒‒ ‒ −− ‒ ‒‒ ‒ −
− ‒ ‒‒ ‒ −− ‒‒‒ ‒ − ‒‒ ‒ −−− ‒ ‒‒ − ‒ ‒‒‒ − ‒‒ ‒ −− ‒‒ ‒ −
‒ −− ‒‒‒ ‒ − ‒‒ ‒ −−− ‒ ‒‒ − ‒ ‒‒‒ − ‒‒ ‒ −− ‒‒ ‒ −− ‒ ‒‒
‒ ‒ − ‒‒ ‒ −−− ‒ ‒‒ − ‒ ‒‒‒ − ‒‒ ‒ −− ‒‒ ‒ −− ‒ ‒‒ ‒ −− ‒‒
‒‒ ‒ −− ‒‒‒ ‒ − ‒‒ ‒ −−− ‒ ‒‒ − ‒ ‒‒‒ − ‒‒ ‒ −− ‒‒ ‒ −− ‒
‒‒‒ ‒ − ‒‒ ‒ −−− ‒ ‒‒ − ‒ ‒‒‒ − ‒‒ ‒ −− ‒‒ ‒ −− ‒ ‒‒ ‒ −−
‒ ‒‒ ‒ −− ‒‒‒ ‒ − ‒‒ ‒ −−− ‒ ‒‒ − ‒ ‒‒‒ − ‒‒ ‒ −− ‒‒ ‒ −−
−− ‒‒‒ ‒ − ‒‒ ‒ −−− ‒ ‒‒ − ‒ ‒‒‒ − ‒‒ ‒ −− ‒‒ ‒ −− ‒ ‒‒ ‒
‒ − ‒‒ ‒ −−− ‒ ‒‒ − ‒ ‒‒‒ − ‒‒ ‒ −− ‒‒ ‒ −− ‒ ‒‒ ‒ −− ‒‒‒
‒ ‒ −− ‒‒‒ ‒ − ‒‒ ‒ −−− ‒ ‒‒ − ‒ ‒‒‒ − ‒‒ ‒ −− ‒‒ ‒ −− ‒ ‒
‒‒‒ ‒ − ‒‒ ‒ −−− ‒ ‒‒ − ‒ ‒‒‒ − ‒‒ ‒ −− ‒‒ ‒ −− ‒ ‒‒ ‒ −−
‒ ‒‒ ‒ −− ‒‒‒ ‒ − ‒‒ ‒ −−− ‒ ‒‒ − ‒ ‒‒‒ − ‒‒ ‒ −− ‒‒ ‒ −−
−− ‒‒‒ ‒ − ‒‒ ‒ −−− ‒ ‒‒ − ‒ ‒‒‒ − ‒‒ ‒ −− ‒‒ ‒ −− ‒ ‒‒ ‒
‒ − ‒‒ ‒ −−− ‒ ‒‒ − ‒ ‒‒‒ − ‒‒ ‒ −− ‒‒ ‒ −− ‒ ‒‒ ‒ −− ‒‒‒
‒ −− ‒‒‒ ‒ − ‒‒ ‒ −−− ‒ ‒‒ − ‒ ‒‒‒ − ‒‒ ‒ −− ‒‒ ‒ −− ‒ ‒‒
‒‒ ‒ − ‒‒ ‒ −−− ‒ ‒‒ − ‒ ‒‒‒ − ‒‒ ‒ −− ‒‒ ‒ −− ‒ ‒‒ ‒ −− ‒
‒‒ ‒ −− ‒‒‒ ‒ − ‒‒ ‒ −−− ‒ ‒‒ − ‒ ‒‒‒ − ‒‒ ‒ −− ‒‒ ‒ −− ‒
− ‒‒‒ ‒ − ‒‒ ‒ −−− ‒ ‒‒ − ‒ ‒‒‒ − ‒‒ ‒ −− ‒‒ ‒ −− ‒ ‒‒ ‒ −
− ‒ ‒‒ ‒ −− ‒‒‒ ‒ − ‒‒ ‒ −−− ‒ ‒‒ − ‒ ‒‒‒ − ‒‒ ‒ −− ‒‒ ‒ −
‒ −− ‒‒‒ ‒ − ‒‒ ‒ −−− ‒ ‒‒ − ‒ ‒‒‒ − ‒‒ ‒ −− ‒‒ ‒ −− ‒ ‒‒
‒ ‒ − ‒‒ ‒ −−− ‒ ‒‒ − ‒ ‒‒‒ − ‒‒ ‒ −− ‒‒ ‒ −− ‒ ‒‒ ‒ −− ‒‒
‒‒ ‒ −− ‒‒‒ ‒ − ‒‒ ‒ −−− ‒ ‒‒ − ‒ ‒‒‒ − ‒‒ ‒ −− ‒‒ ‒ −− ‒
‒‒‒ ‒ − ‒‒ ‒ −−− ‒ ‒‒ − ‒ ‒‒‒ − ‒‒ ‒ −− ‒‒ ‒ −− ‒ ‒‒ ‒ −−
‒ ‒‒ ‒ −− ‒‒‒ ‒ − ‒‒ ‒ −−− ‒ ‒‒ − ‒ ‒‒‒ − ‒‒ ‒ −− ‒‒ ‒ −−
−− ‒‒‒ ‒ − ‒‒ ‒ −−− ‒ ‒‒ − ‒ ‒‒‒ − ‒‒ ‒ −− ‒‒ ‒ −− ‒ ‒‒ ‒
‒ − ‒‒ ‒ −−− ‒ ‒‒ − ‒ ‒‒‒ − ‒‒ ‒ −− ‒‒ ‒ −− ‒ ‒‒ ‒ −− ‒‒‒
‒ ‒ −− ‒‒‒ ‒ − ‒‒ ‒ −−− ‒ ‒‒ − ‒ ‒‒‒ − ‒‒ ‒ −− ‒‒ ‒ −− ‒ ‒
‒‒‒ ‒ − ‒‒ ‒ −−− ‒ ‒‒ − ‒ ‒‒‒ − ‒‒ ‒ −− ‒‒ ‒ −− ‒ ‒‒ ‒ −−
‒ ‒‒ ‒ −− ‒‒‒ ‒ − ‒‒ ‒ −−− ‒ ‒‒ − ‒ ‒‒‒ − ‒‒ ‒ −− ‒‒ ‒ −−
−− ‒‒‒ ‒ − ‒‒ ‒ −−− ‒ ‒‒ − ‒ ‒‒‒ − ‒‒ ‒ −− ‒‒ ‒ −− ‒ ‒‒ ‒
‒ − ‒‒ ‒ −−− ‒ ‒‒ − ‒ ‒‒‒ − ‒‒ ‒ −− ‒‒ ‒ −− ‒ ‒‒ ‒ −− ‒‒‒
‒ −− ‒‒‒ ‒ − ‒‒ ‒ −−− ‒ ‒‒ − ‒ ‒‒‒ − ‒‒ ‒ −− ‒‒ ‒ −− ‒ ‒‒
‒‒ ‒ − ‒‒ ‒ −−− ‒ ‒‒ − ‒ ‒‒‒ − ‒‒ ‒ −− ‒‒ ‒ −− ‒ ‒‒ ‒ −− ‒
‒‒ ‒ −− ‒‒‒ ‒ − ‒‒ ‒ −−− ‒ ‒‒ − ‒ ‒‒‒ − ‒‒ ‒ −− ‒‒ ‒ −− ‒
− ‒‒‒ ‒ − ‒‒ ‒ −−− ‒ ‒‒ − ‒ ‒‒‒ − ‒‒ ‒ −− ‒‒ ‒ −− ‒ ‒‒ ‒ −
− ‒ ‒‒ ‒ −− ‒‒‒ ‒ − ‒‒ ‒ −−− ‒ ‒‒ − ‒ ‒‒‒ − ‒‒ ‒ −− ‒‒ ‒ −
‒ −− ‒‒‒ ‒ − ‒‒ ‒ −−− ‒ ‒‒ − ‒ ‒‒‒ − ‒‒ ‒ −− ‒‒ ‒ −− ‒ ‒‒
‒ ‒ − ‒‒ ‒ −−− ‒ ‒‒ − ‒ ‒‒‒ − ‒‒ ‒ −− ‒‒ ‒ −− ‒ ‒‒ ‒ −− ‒‒
‒‒ ‒ −− ‒‒‒ ‒ − ‒‒ ‒ −−− ‒ ‒‒ − ‒ ‒‒‒ − ‒‒ ‒ −− ‒‒ ‒ −− ‒
‒‒‒ ‒ − ‒‒ ‒ −−− ‒ ‒‒ − ‒ ‒‒‒ − ‒‒ ‒ −− ‒‒ ‒ −− ‒ ‒‒ ‒ −−
‒ ‒‒ ‒ −− ‒‒‒ ‒ − ‒‒ ‒ −−− ‒ ‒‒ − ‒ ‒‒‒ − ‒‒ ‒ −− ‒‒ ‒ −−
−− ‒‒‒ ‒ − ‒‒ ‒ −−− ‒ ‒‒ − ‒ ‒‒‒ − ‒‒ ‒ −− ‒‒ ‒ −− ‒ ‒‒ ‒
‒ − ‒‒ ‒ −−− ‒ ‒‒ − ‒ ‒‒‒ − ‒‒ ‒ −− ‒‒ ‒ −− ‒ ‒‒ ‒ −− ‒‒‒
‒ ‒ −− ‒‒‒ ‒ − ‒‒ ‒ −−− ‒ ‒‒ − ‒ ‒‒‒ − ‒‒ ‒ −− ‒‒ ‒ −− ‒ ‒
‒‒‒ ‒ − ‒‒ ‒ −−− ‒ ‒‒ − ‒ ‒‒‒ − ‒‒ ‒ −− ‒‒ ‒ −− ‒ ‒‒ ‒ −−
‒ ‒‒ ‒ −− ‒‒‒ ‒ − ‒‒ ‒ −−− ‒ ‒‒ − ‒ ‒‒‒ − ‒‒ ‒ −− ‒‒ ‒ −−
−− ‒‒‒ ‒ − ‒‒ ‒ −−− ‒ ‒‒ − ‒ ‒‒‒ − ‒‒ ‒ −− ‒‒ ‒ −− ‒ ‒‒ ‒
‒ − ‒‒ ‒ −−− ‒ ‒‒ − ‒ ‒‒‒ − ‒‒ ‒ −− ‒‒ ‒ −− ‒ ‒‒ ‒ −− ‒‒‒
‒ −− ‒‒‒ ‒ − ‒‒ ‒ −−− ‒ ‒‒ − ‒ ‒‒‒ − ‒‒ ‒ −− ‒‒ ‒ −− ‒ ‒‒
‒‒ ‒ − ‒‒ ‒ −−− ‒ ‒‒ − ‒ ‒‒‒ − ‒‒ ‒ −− ‒‒ ‒ −− ‒ ‒‒ ‒ −− ‒
‒‒ ‒ −− ‒‒‒ ‒ − ‒‒ ‒ −−− ‒ ‒‒ − ‒ ‒‒‒ − ‒‒ ‒ −− ‒‒ ‒ −− ‒
− ‒‒‒ ‒ − ‒‒ ‒ −−− ‒ ‒‒ − ‒ ‒‒‒ − ‒‒ ‒ −− ‒‒ ‒ −− ‒ ‒‒ ‒ −
− ‒ ‒‒ ‒ −− ‒‒‒ ‒ − ‒‒ ‒ −−− ‒ ‒‒ − ‒ ‒‒‒ − ‒‒ ‒ −− ‒‒ ‒ −
‒ −− ‒‒‒ ‒ − ‒‒ ‒ −−− ‒ ‒‒ − ‒ ‒‒‒ − ‒‒ ‒ −− ‒‒ ‒ −− ‒ ‒‒
‒ ‒ − ‒‒ ‒ −−− ‒ ‒‒ − ‒ ‒‒‒ − ‒‒ ‒ −− ‒‒ ‒ −− ‒ ‒‒ ‒ −− ‒‒
‒‒ ‒ −− ‒‒‒ ‒ − ‒‒ ‒ −−− ‒ ‒‒ − ‒ ‒‒‒ − ‒‒ ‒ −− ‒‒ ‒ −− ‒
‒‒‒ ‒ − ‒‒ ‒ −−− ‒ ‒‒ − ‒ ‒‒‒ − ‒‒ ‒ −− ‒‒ ‒ −− ‒ ‒‒ ‒ −−
‒ ‒‒ ‒ −− ‒‒‒ ‒ − ‒‒ ‒ −−− ‒ ‒‒ − ‒ ‒‒‒ − ‒‒ ‒ −− ‒‒ ‒ −−
−− ‒‒‒ ‒ − ‒‒ ‒ −−− ‒ ‒‒ − ‒ ‒‒‒ − ‒‒ ‒ −− ‒‒ ‒ −− ‒ ‒‒ ‒
‒ − ‒‒ ‒ −−− ‒ ‒‒ − ‒ ‒‒‒ − ‒‒ ‒ −− ‒‒ ‒ −− ‒ ‒‒ ‒ −− ‒‒‒
‒ ‒ −− ‒‒‒ ‒ − ‒‒ ‒ −−− ‒ ‒‒ − ‒ ‒‒‒ − ‒‒ ‒ −− ‒‒ ‒ −− ‒ ‒
‒‒‒ ‒ − ‒‒ ‒ −−− ‒ ‒‒ − ‒ ‒‒‒ − ‒‒ ‒ −− ‒‒ ‒ −− ‒ ‒‒ ‒ −−
‒ ‒‒ ‒ −− ‒‒‒ ‒ − ‒‒ ‒ −−− ‒ ‒‒ − ‒ ‒‒‒ − ‒‒ ‒ −− ‒‒ ‒ −−
−− ‒‒‒ ‒ − ‒‒ ‒ −−− ‒ ‒‒ − ‒ ‒‒‒ − ‒‒ ‒ −− ‒‒ ‒ −− ‒ ‒‒ ‒
‒ − ‒‒ ‒ −−− ‒ ‒‒ − ‒ ‒‒‒ − ‒‒ ‒ −− ‒‒ ‒ −− ‒ ‒‒ ‒ −− ‒‒‒
‒ −− ‒‒‒ ‒ − ‒‒ ‒ −−− ‒ ‒‒ − ‒ ‒‒‒ − ‒‒ ‒ −− ‒‒ ‒ −− ‒ ‒‒
‒‒ ‒ − ‒‒ ‒ −−− ‒ ‒‒ − ‒ ‒‒‒ − ‒‒ ‒ −− ‒‒ ‒ −− ‒ ‒‒ ‒ −− ‒
‒‒ ‒ −− ‒‒‒ ‒ − ‒‒ ‒ −−− ‒ ‒‒ − ‒ ‒‒‒ − ‒‒ ‒ −− ‒‒ ‒ −− ‒
− ‒‒‒ ‒ − ‒‒ ‒ −−− ‒ ‒‒ − ‒ ‒‒‒ − ‒‒ ‒ −− ‒‒ ‒ −− ‒ ‒‒ ‒ −
− ‒ ‒‒ ‒ −− ‒‒‒ ‒ − ‒‒ ‒ −−− ‒ ‒‒ − ‒ ‒‒‒ − ‒‒ ‒ −− ‒‒ ‒ −
‒ −− ‒‒‒ ‒ − ‒‒ ‒ −−− ‒ ‒‒ − ‒ ‒‒‒ − ‒‒ ‒ −− ‒‒ ‒ −− ‒ ‒‒
‒ ‒ − ‒‒ ‒ −−− ‒ ‒‒ − ‒ ‒‒‒ − ‒‒ ‒ −− ‒‒ ‒ −− ‒ ‒‒ ‒ −− ‒‒
‒‒ ‒ −− ‒‒‒ ‒ − ‒‒ ‒ −−− ‒ ‒‒ − ‒ ‒‒‒ − ‒‒ ‒ −− ‒‒ ‒ −− ‒
‒‒‒ ‒ − ‒‒ ‒ −−− ‒ ‒‒ − ‒ ‒‒‒ − ‒‒ ‒ −− ‒‒ ‒ −− ‒ ‒‒ ‒ −−
‒ ‒‒ ‒ −− ‒‒‒ ‒ − ‒‒ ‒ −−− ‒ ‒‒ − ‒ ‒‒‒ − ‒‒ ‒ −− ‒‒ ‒ −−
−− ‒‒‒ ‒ − ‒‒ ‒ −−− ‒ ‒‒ − ‒ ‒‒‒ − ‒‒ ‒ −− ‒‒ ‒ −− ‒ ‒‒ ‒
‒ − ‒‒ ‒ −−− ‒ ‒‒ − ‒ ‒‒‒ − ‒‒ ‒ −− ‒‒ ‒ −− ‒ ‒‒ ‒ −− ‒‒‒
‒ ‒ −− ‒‒‒ ‒ − ‒‒ ‒ −−− ‒ ‒‒ − ‒ ‒‒‒ − ‒‒ ‒ −− ‒‒ ‒ −− ‒ ‒
